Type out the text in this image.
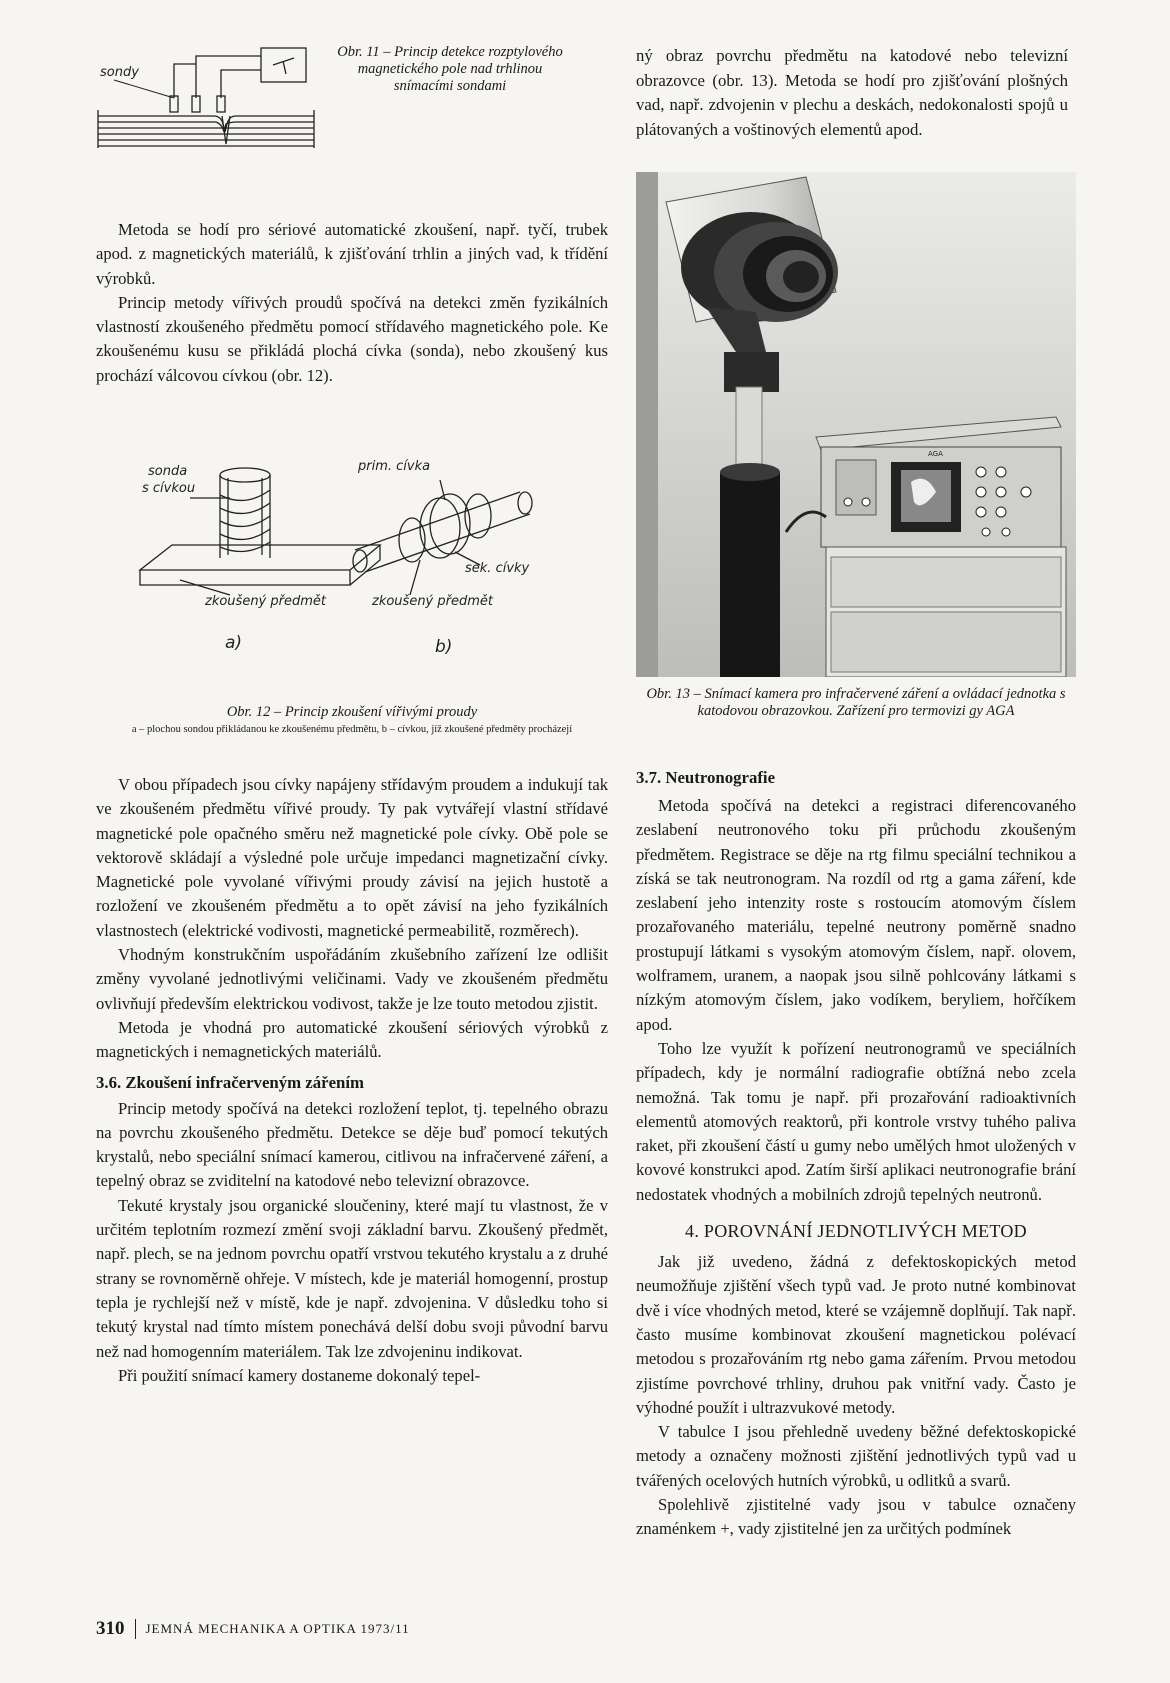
sondy
Obr. 11 – Princip detekce rozptylového magnetického pole nad trhlinou snímacími sondami

ný obraz povrchu předmětu na katodové nebo televizní obrazovce (obr. 13). Metoda se hodí pro zjišťování plošných vad, např. zdvojenin v plechu a deskách, nedokonalosti spojů u plátovaných a voštinových elementů apod.

Metoda se hodí pro sériové automatické zkoušení, např. tyčí, trubek apod. z magnetických materiálů, k zjišťování trhlin a jiných vad, k třídění výrobků.

Princip metody vířivých proudů spočívá na detekci změn fyzikálních vlastností zkoušeného předmětu pomocí střídavého magnetického pole. Ke zkoušenému kusu se přikládá plochá cívka (sonda), nebo zkoušený kus prochází válcovou cívkou (obr. 12).

sonda
s cívkou
prim. cívka
sek. cívky
zkoušený předmět	zkoušený předmět
a)	b)
Obr. 12 – Princip zkoušení vířivými proudy
a – plochou sondou přikládanou ke zkoušenému předmětu, b – cívkou, jíž zkoušené předměty procházejí
AGA
Obr. 13 – Snímací kamera pro infračervené záření a ovládací jednotka s katodovou obrazovkou. Zařízení pro termovizi gy AGA

V obou případech jsou cívky napájeny střídavým proudem a indukují tak ve zkoušeném předmětu vířivé proudy. Ty pak vytvářejí vlastní střídavé magnetické pole opačného směru než magnetické pole cívky. Obě pole se vektorově skládají a výsledné pole určuje impedanci magnetizační cívky. Magnetické pole vyvolané vířivými proudy závisí na jejich hustotě a rozložení ve zkoušeném předmětu a to opět závisí na jeho fyzikálních vlastnostech (elektrické vodivosti, magnetické permeabilitě, rozměrech).

Vhodným konstrukčním uspořádáním zkušebního zařízení lze odlišit změny vyvolané jednotlivými veličinami. Vady ve zkoušeném předmětu ovlivňují především elektrickou vodivost, takže je lze touto metodou zjistit.

Metoda je vhodná pro automatické zkoušení sériových výrobků z magnetických i nemagnetických materiálů.

3.6. Zkoušení infračerveným zářením

Princip metody spočívá na detekci rozložení teplot, tj. tepelného obrazu na povrchu zkoušeného předmětu. Detekce se děje buď pomocí tekutých krystalů, nebo speciální snímací kamerou, citlivou na infračervené záření, a tepelný obraz se zviditelní na katodové nebo televizní obrazovce.

Tekuté krystaly jsou organické sloučeniny, které mají tu vlastnost, že v určitém teplotním rozmezí změní svoji základní barvu. Zkoušený předmět, např. plech, se na jednom povrchu opatří vrstvou tekutého krystalu a z druhé strany se rovnoměrně ohřeje. V místech, kde je materiál homogenní, prostup tepla je rychlejší než v místě, kde je např. zdvojenina. V důsledku toho si tekutý krystal nad tímto místem ponechává delší dobu svoji původní barvu než nad homogenním materiálem. Tak lze zdvojeninu indikovat.

Při použití snímací kamery dostaneme dokonalý tepel-

3.7. Neutronografie

Metoda spočívá na detekci a registraci diferencovaného zeslabení neutronového toku při průchodu zkoušeným předmětem. Registrace se děje na rtg filmu speciální technikou a získá se tak neutronogram. Na rozdíl od rtg a gama záření, kde zeslabení jeho intenzity roste s rostoucím atomovým číslem prozařovaného materiálu, tepelné neutrony poměrně snadno prostupují látkami s vysokým atomovým číslem, např. olovem, wolframem, uranem, a naopak jsou silně pohlcovány látkami s nízkým atomovým číslem, jako vodíkem, beryliem, hořčíkem apod.

Toho lze využít k pořízení neutronogramů ve speciálních případech, kdy je normální radiografie obtížná nebo zcela nemožná. Tak tomu je např. při prozařování radioaktivních elementů atomových reaktorů, při kontrole vrstvy tuhého paliva raket, při zkoušení částí u gumy nebo umělých hmot uložených v kovové konstrukci apod. Zatím širší aplikaci neutronografie brání nedostatek vhodných a mobilních zdrojů tepelných neutronů.

4. POROVNÁNÍ JEDNOTLIVÝCH METOD

Jak již uvedeno, žádná z defektoskopických metod neumožňuje zjištění všech typů vad. Je proto nutné kombinovat dvě i více vhodných metod, které se vzájemně doplňují. Tak např. často musíme kombinovat zkoušení magnetickou polévací metodou s prozařováním rtg nebo gama zářením. Prvou metodou zjistíme povrchové trhliny, druhou pak vnitřní vady. Často je výhodné použít i ultrazvukové metody.

V tabulce I jsou přehledně uvedeny běžné defektoskopické metody a označeny možnosti zjištění jednotlivých typů vad u tvářených ocelových hutních výrobků, u odlitků a svarů.

Spolehlivě zjistitelné vady jsou v tabulce označeny znaménkem +, vady zjistitelné jen za určitých podmínek

310 JEMNÁ MECHANIKA A OPTIKA 1973/11
